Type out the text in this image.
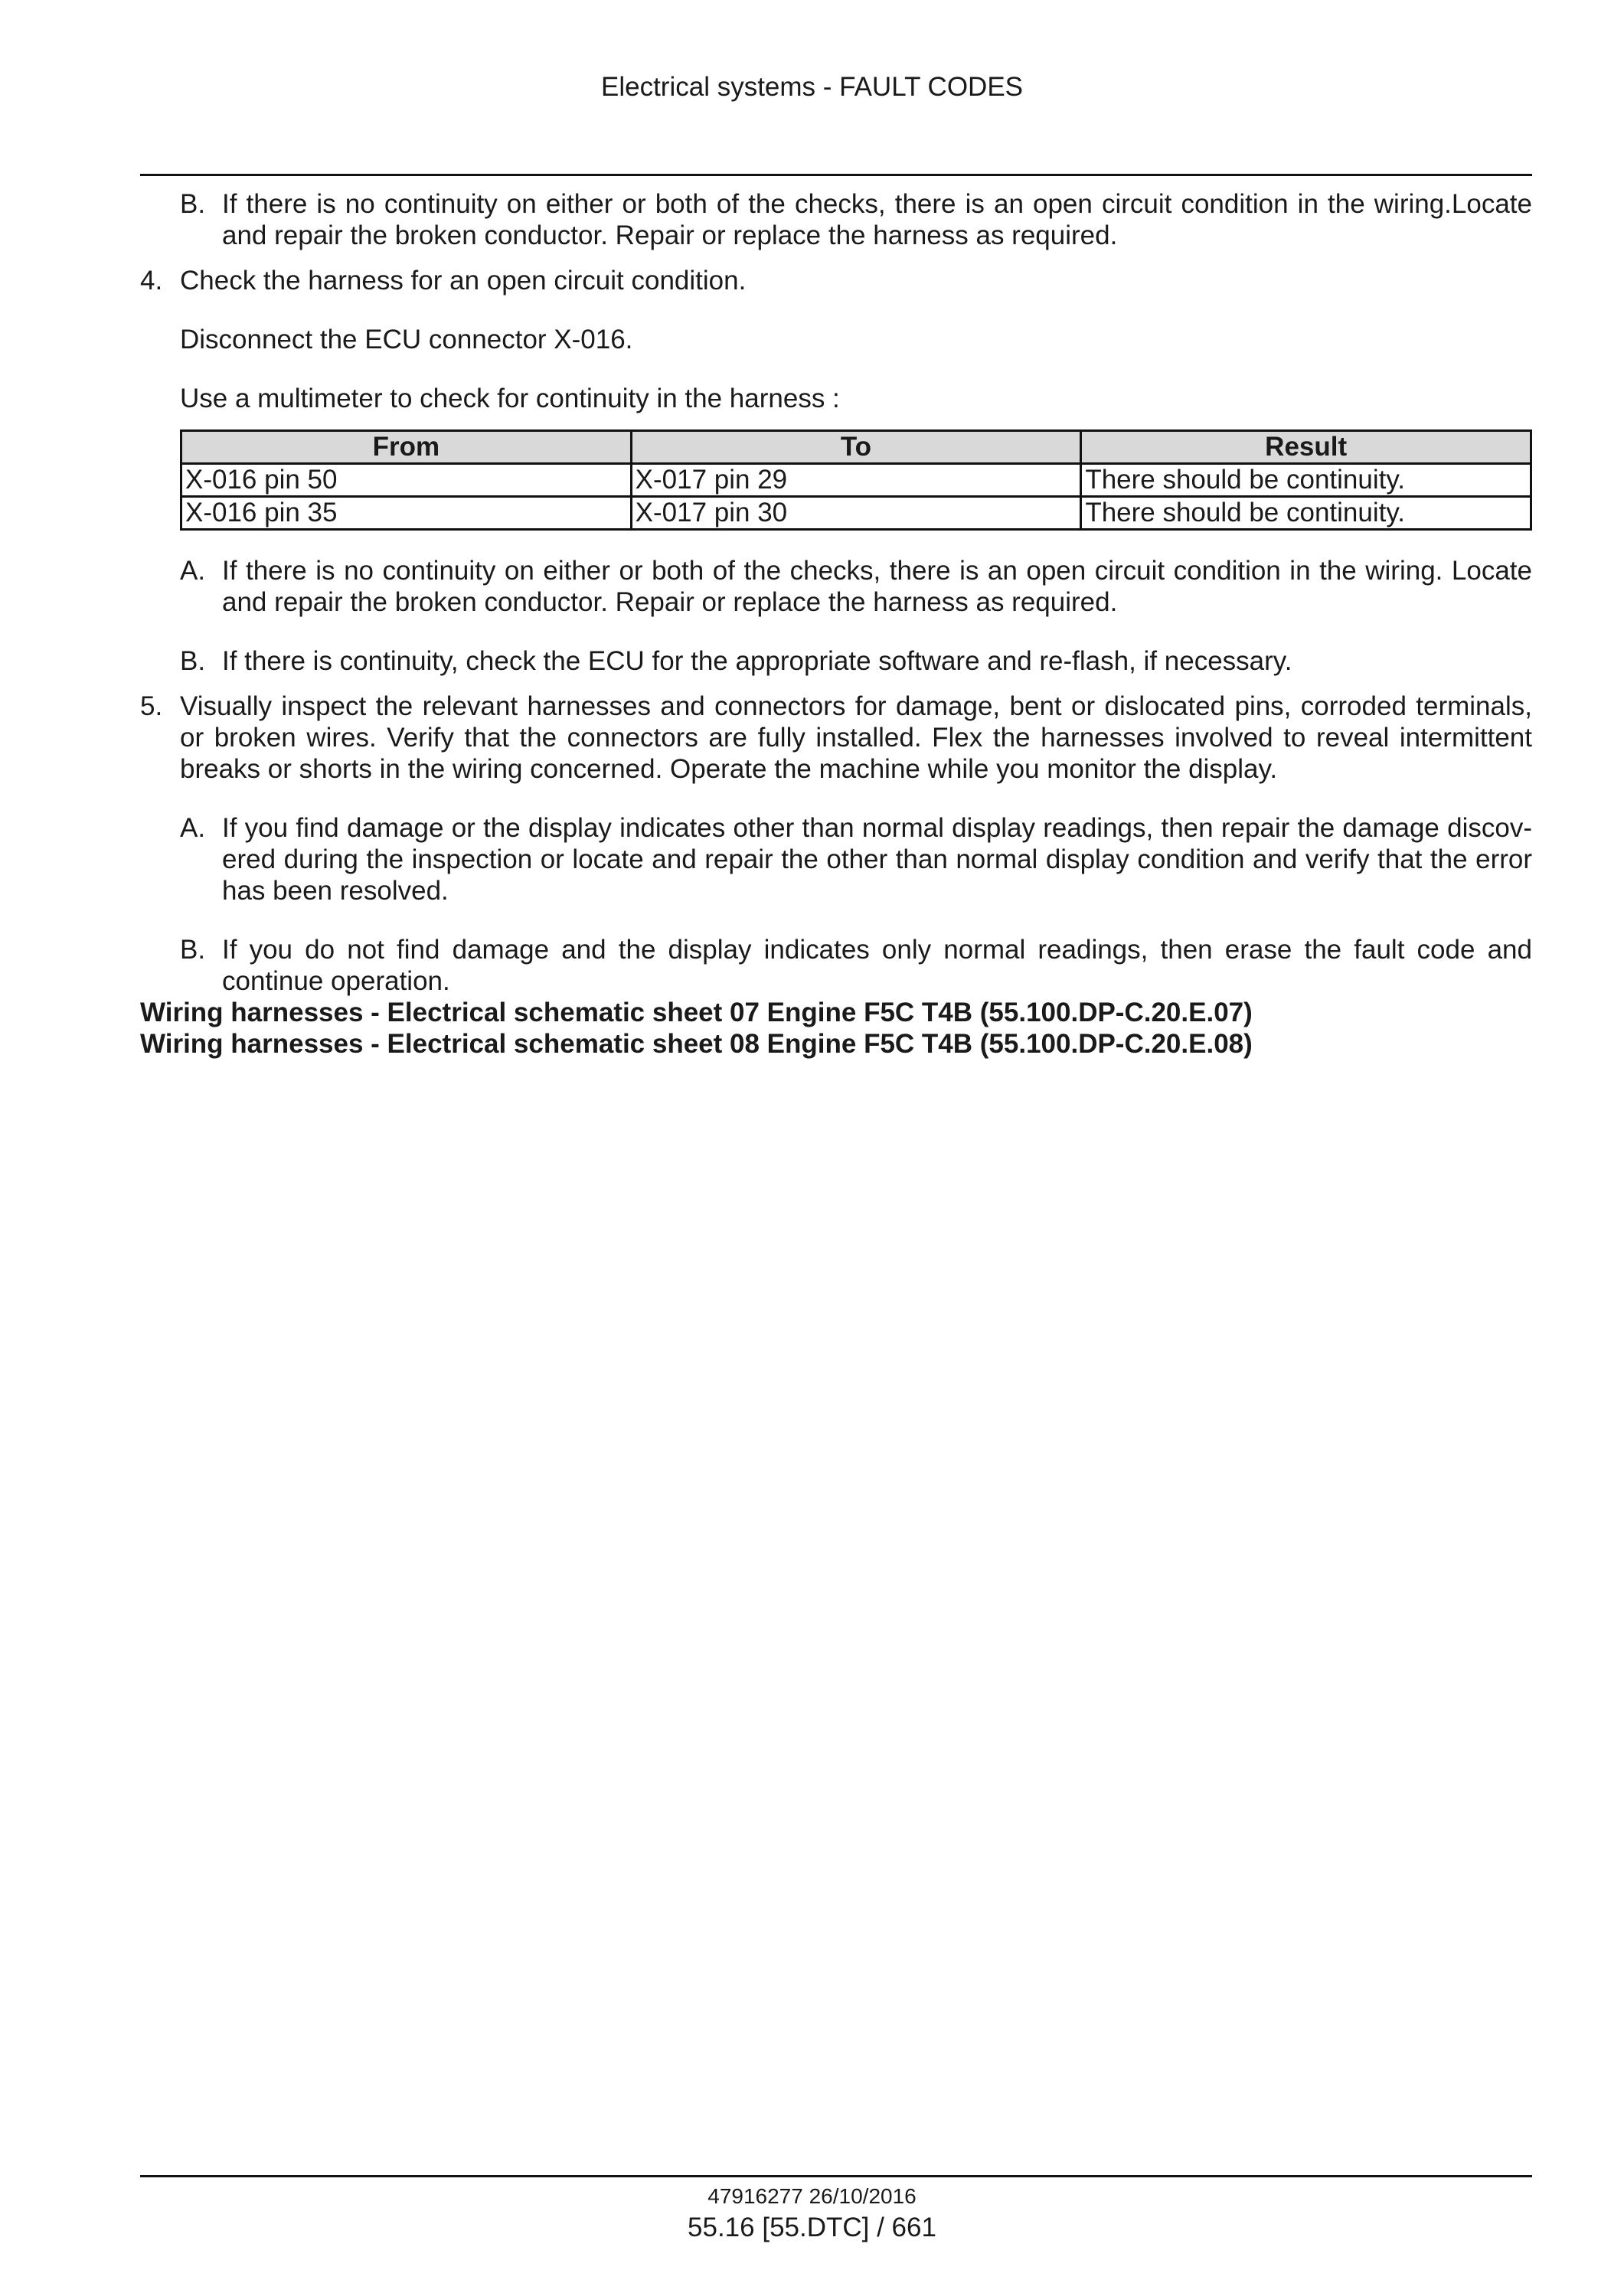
Electrical systems - FAULT CODES
B. If there is no continuity on either or both of the checks, there is an open circuit condition in the wiring.Locate and repair the broken conductor. Repair or replace the harness as required.
4. Check the harness for an open circuit condition.
Disconnect the ECU connector X-016.
Use a multimeter to check for continuity in the harness :
From	To	Result
X-016 pin 50	X-017 pin 29	There should be continuity.
X-016 pin 35	X-017 pin 30	There should be continuity.
A. If there is no continuity on either or both of the checks, there is an open circuit condition in the wiring. Locate and repair the broken conductor. Repair or replace the harness as required.
B. If there is continuity, check the ECU for the appropriate software and re-flash, if necessary.
5. Visually inspect the relevant harnesses and connectors for damage, bent or dislocated pins, corroded terminals, or broken wires. Verify that the connectors are fully installed. Flex the harnesses involved to reveal intermittent breaks or shorts in the wiring concerned. Operate the machine while you monitor the display.
A. If you find damage or the display indicates other than normal display readings, then repair the damage discov-ered during the inspection or locate and repair the other than normal display condition and verify that the error has been resolved.
B. If you do not find damage and the display indicates only normal readings, then erase the fault code and continue operation.
Wiring harnesses - Electrical schematic sheet 07 Engine F5C T4B (55.100.DP-C.20.E.07)
Wiring harnesses - Electrical schematic sheet 08 Engine F5C T4B (55.100.DP-C.20.E.08)
47916277 26/10/2016
55.16 [55.DTC] / 661
